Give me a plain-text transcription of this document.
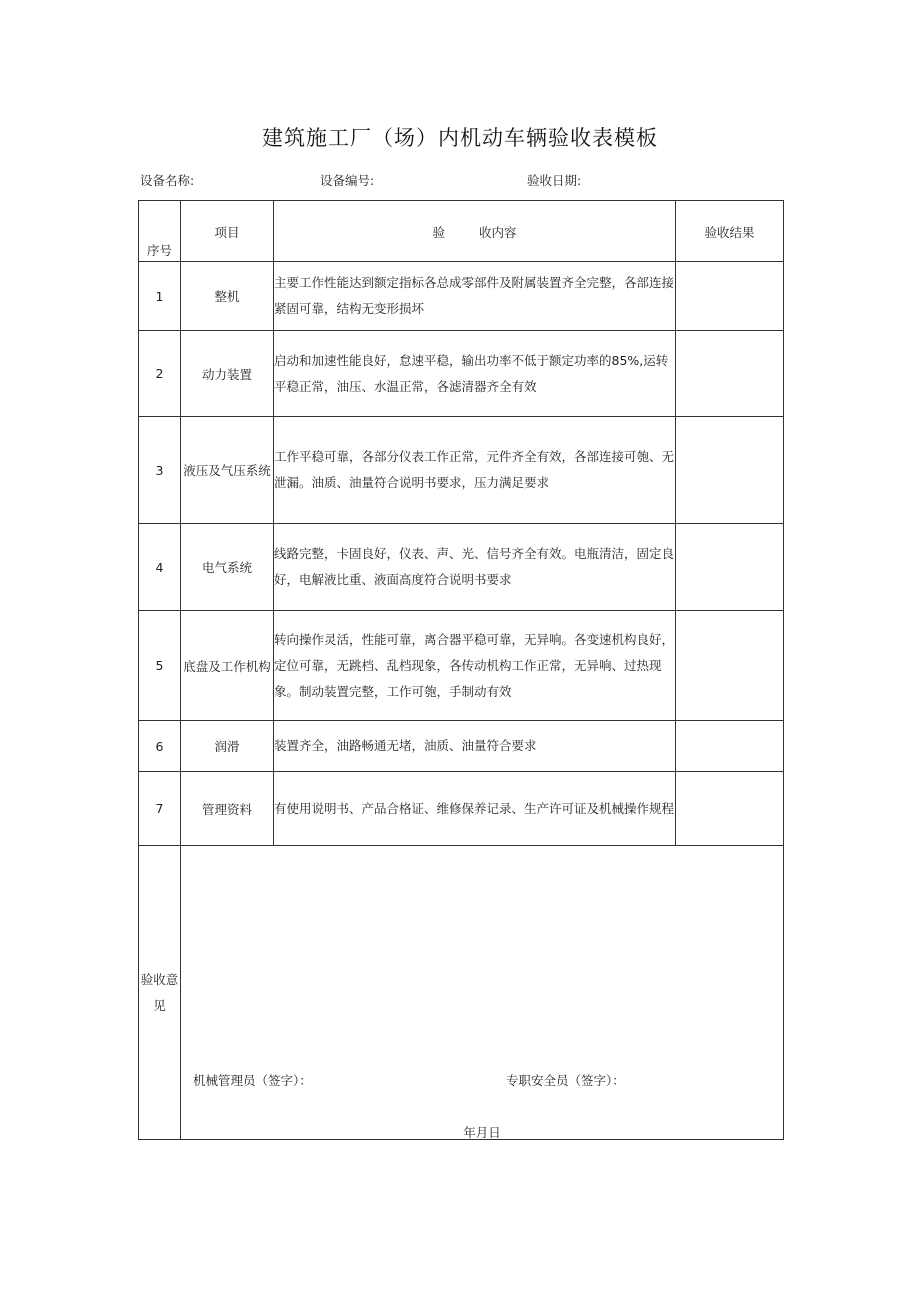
建筑施工厂（场）内机动车辆验收表模板
设备名称:	设备编号:	验收日期:
序号	项目	验 收内容	验收结果
1	整机	主要工作性能达到额定指标各总成零部件及附属装置齐全完整，各部连接紧固可靠，结构无变形损坏	
2	动力装置	启动和加速性能良好，怠速平稳，输出功率不低于额定功率的85%,运转平稳正常，油压、水温正常，各滤清器齐全有效	
3	液压及气压系统	工作平稳可靠，各部分仪表工作正常，元件齐全有效，各部连接可匏、无泄漏。油质、油量符合说明书要求，压力满足要求	
4	电气系统	线路完整，卡固良好，仪表、声、光、信号齐全有效。电瓶清洁，固定良好，电解液比重、液面高度符合说明书要求	
5	底盘及工作机构	转向操作灵活，性能可靠，离合器平稳可靠，无异响。各变速机构良好，定位可靠，无跳档、乱档现象，各传动机构工作正常，无异响、过热现象。制动装置完整，工作可匏，手制动有效	
6	润滑	装置齐全，油路畅通无堵，油质、油量符合要求	
7	管理资料	有使用说明书、产品合格证、维修保养记录、生产许可证及机械操作规程	
验收意见	机械管理员（签字）： 专职安全员（签字）：
年月日		
